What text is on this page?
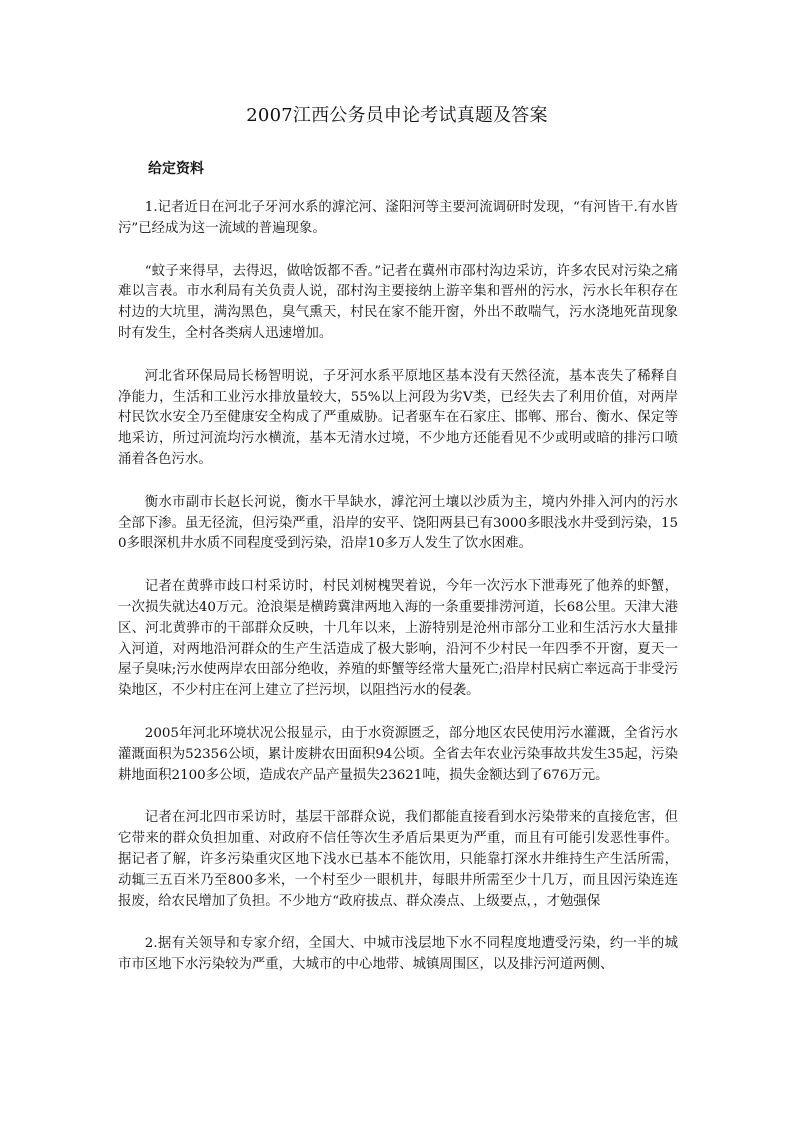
2007江西公务员申论考试真题及答案
给定资料

1.记者近日在河北子牙河水系的滹沱河、滏阳河等主要河流调研时发现，“有河皆干.有水皆污”已经成为这一流域的普遍现象。

“蚊子来得早，去得迟，做啥饭都不香。”记者在冀州市邵村沟边采访，许多农民对污染之痛难以言表。市水利局有关负责人说，邵村沟主要接纳上游辛集和晋州的污水，污水长年积存在村边的大坑里，满沟黑色，臭气熏天，村民在家不能开窗，外出不敢喘气，污水浇地死苗现象时有发生，全村各类病人迅速增加。

河北省环保局局长杨智明说，子牙河水系平原地区基本没有天然径流，基本丧失了稀释自净能力，生活和工业污水排放量较大，55%以上河段为劣Ⅴ类，已经失去了利用价值，对两岸村民饮水安全乃至健康安全构成了严重威胁。记者驱车在石家庄、邯郸、邢台、衡水、保定等地采访，所过河流均污水横流，基本无清水过境，不少地方还能看见不少或明或暗的排污口喷涌着各色污水。

衡水市副市长赵长河说，衡水干旱缺水，滹沱河土壤以沙质为主，境内外排入河内的污水全部下渗。虽无径流，但污染严重，沿岸的安平、饶阳两县已有3000多眼浅水井受到污染，150多眼深机井水质不同程度受到污染，沿岸10多万人发生了饮水困难。

记者在黄骅市歧口村采访时，村民刘树槐哭着说，今年一次污水下泄毒死了他养的虾蟹，一次损失就达40万元。沧浪渠是横跨冀津两地入海的一条重要排涝河道，长68公里。天津大港区、河北黄骅市的干部群众反映，十几年以来，上游特别是沧州市部分工业和生活污水大量排入河道，对两地沿河群众的生产生活造成了极大影响，沿河不少村民一年四季不开窗，夏天一屋子臭味;污水使两岸农田部分绝收，养殖的虾蟹等经常大量死亡;沿岸村民病亡率远高于非受污染地区，不少村庄在河上建立了拦污坝，以阻挡污水的侵袭。

2005年河北环境状况公报显示，由于水资源匮乏，部分地区农民使用污水灌溉，全省污水灌溉面积为52356公顷，累计废耕农田面积94公顷。全省去年农业污染事故共发生35起，污染耕地面积2100多公顷，造成农产品产量损失23621吨，损失金额达到了676万元。

记者在河北四市采访时，基层干部群众说，我们都能直接看到水污染带来的直接危害，但它带来的群众负担加重、对政府不信任等次生矛盾后果更为严重，而且有可能引发恶性事件。据记者了解，许多污染重灾区地下浅水已基本不能饮用，只能靠打深水井维持生产生活所需，动辄三五百米乃至800多米，一个村至少一眼机井，每眼井所需至少十几万，而且因污染连连报废，给农民增加了负担。不少地方“政府拔点、群众凑点、上级要点，，才勉强保

2.据有关领导和专家介绍，全国大、中城市浅层地下水不同程度地遭受污染，约一半的城市市区地下水污染较为严重，大城市的中心地带、城镇周围区，以及排污河道两侧、
